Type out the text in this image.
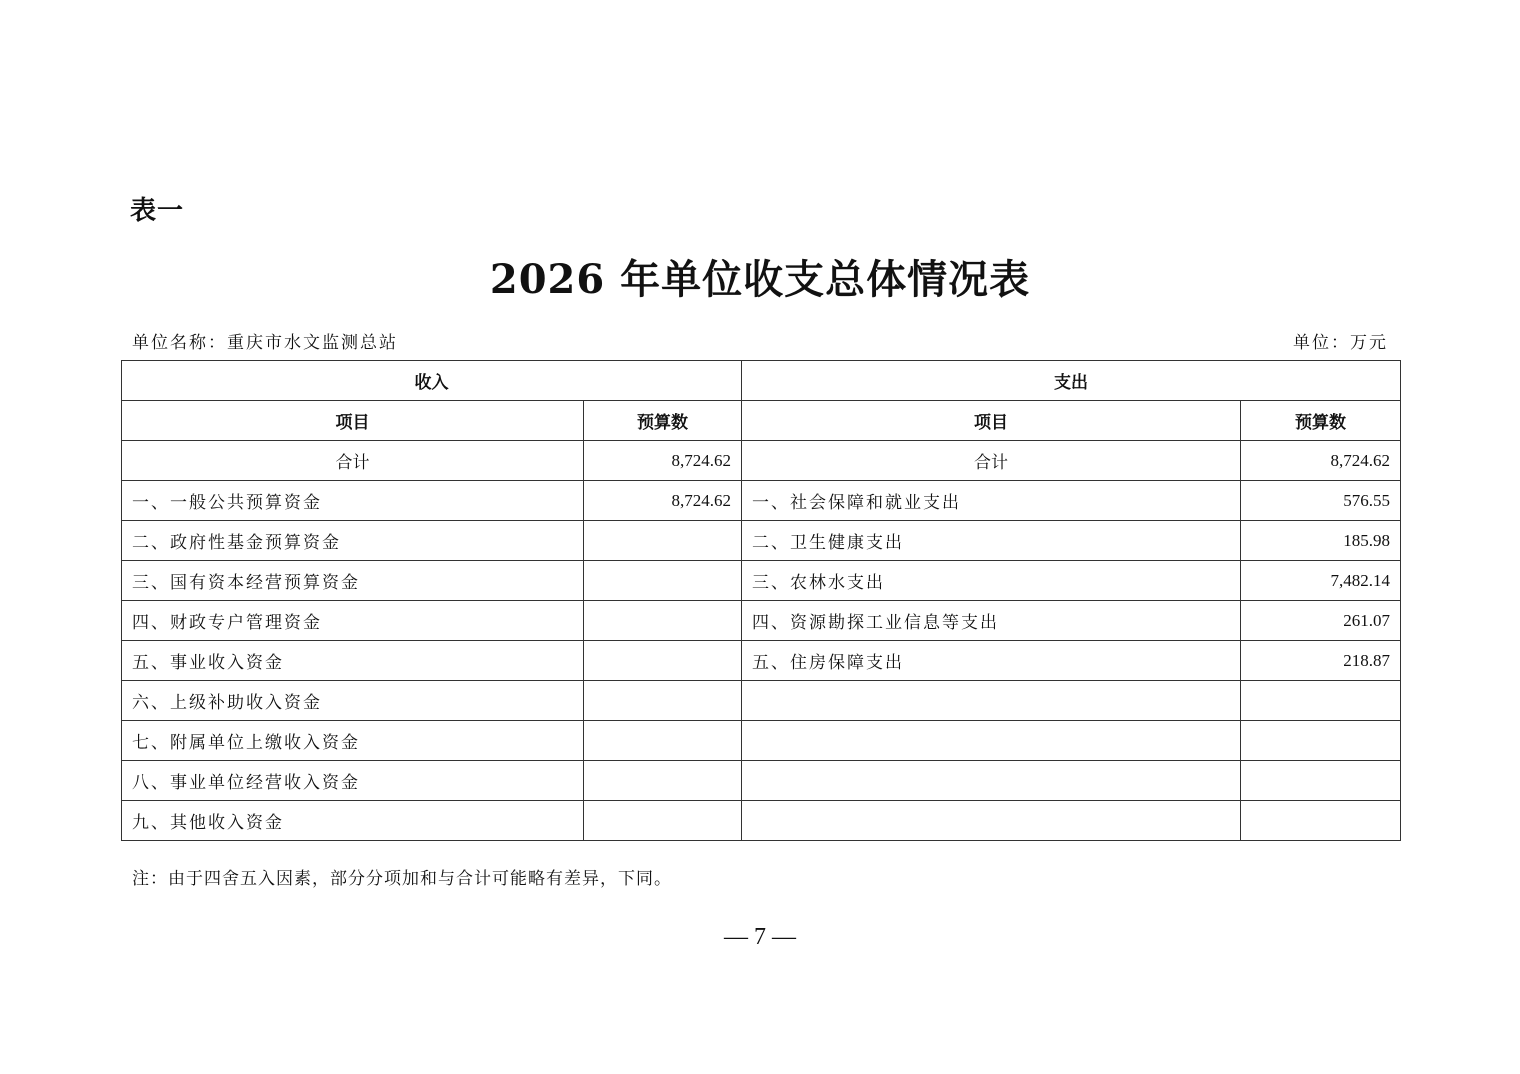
表一
2026 年单位收支总体情况表
单位名称：重庆市水文监测总站	单位：万元
收入		支出	
项目	预算数	项目	预算数
合计	8,724.62	合计	8,724.62
一、一般公共预算资金	8,724.62	一、社会保障和就业支出	576.55
二、政府性基金预算资金		二、卫生健康支出	185.98
三、国有资本经营预算资金		三、农林水支出	7,482.14
四、财政专户管理资金		四、资源勘探工业信息等支出	261.07
五、事业收入资金		五、住房保障支出	218.87
六、上级补助收入资金			
七、附属单位上缴收入资金			
八、事业单位经营收入资金			
九、其他收入资金			
注：由于四舍五入因素，部分分项加和与合计可能略有差异，下同。
— 7 —
